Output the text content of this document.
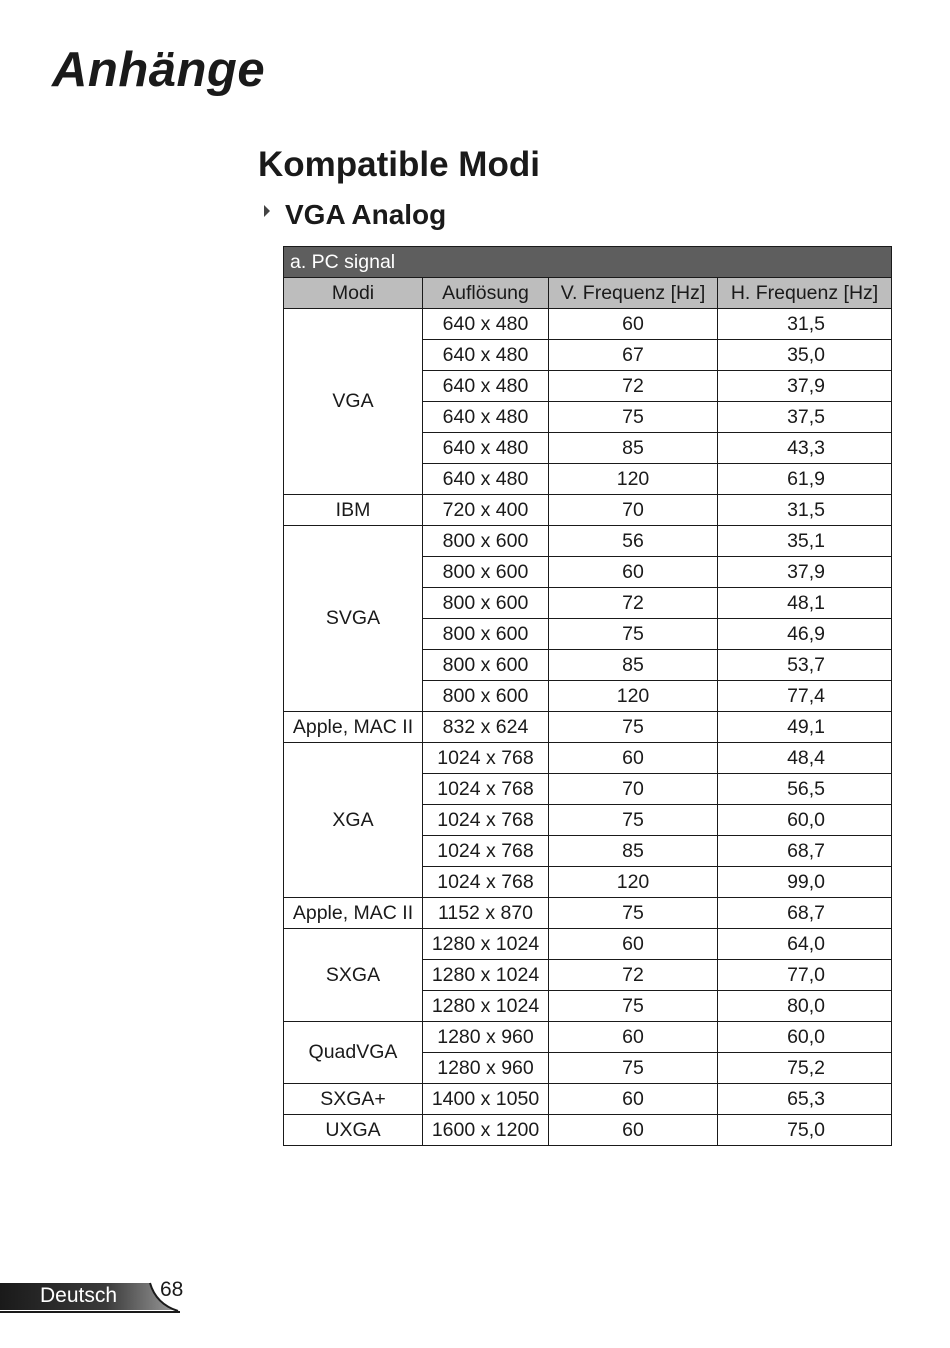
Anhänge
Kompatible Modi
VGA Analog
a. PC signal			
Modi	Auflösung	V. Frequenz [Hz]	H. Frequenz [Hz]
VGA	640 x 480	60	31,5
	640 x 480	67	35,0
	640 x 480	72	37,9
	640 x 480	75	37,5
	640 x 480	85	43,3
	640 x 480	120	61,9
IBM	720 x 400	70	31,5
SVGA	800 x 600	56	35,1
	800 x 600	60	37,9
	800 x 600	72	48,1
	800 x 600	75	46,9
	800 x 600	85	53,7
	800 x 600	120	77,4
Apple, MAC II	832 x 624	75	49,1
XGA	1024 x 768	60	48,4
	1024 x 768	70	56,5
	1024 x 768	75	60,0
	1024 x 768	85	68,7
	1024 x 768	120	99,0
Apple, MAC II	1152 x 870	75	68,7
SXGA	1280 x 1024	60	64,0
	1280 x 1024	72	77,0
	1280 x 1024	75	80,0
QuadVGA	1280 x 960	60	60,0
	1280 x 960	75	75,2
SXGA+	1400 x 1050	60	65,3
UXGA	1600 x 1200	60	75,0
Deutsch 68
